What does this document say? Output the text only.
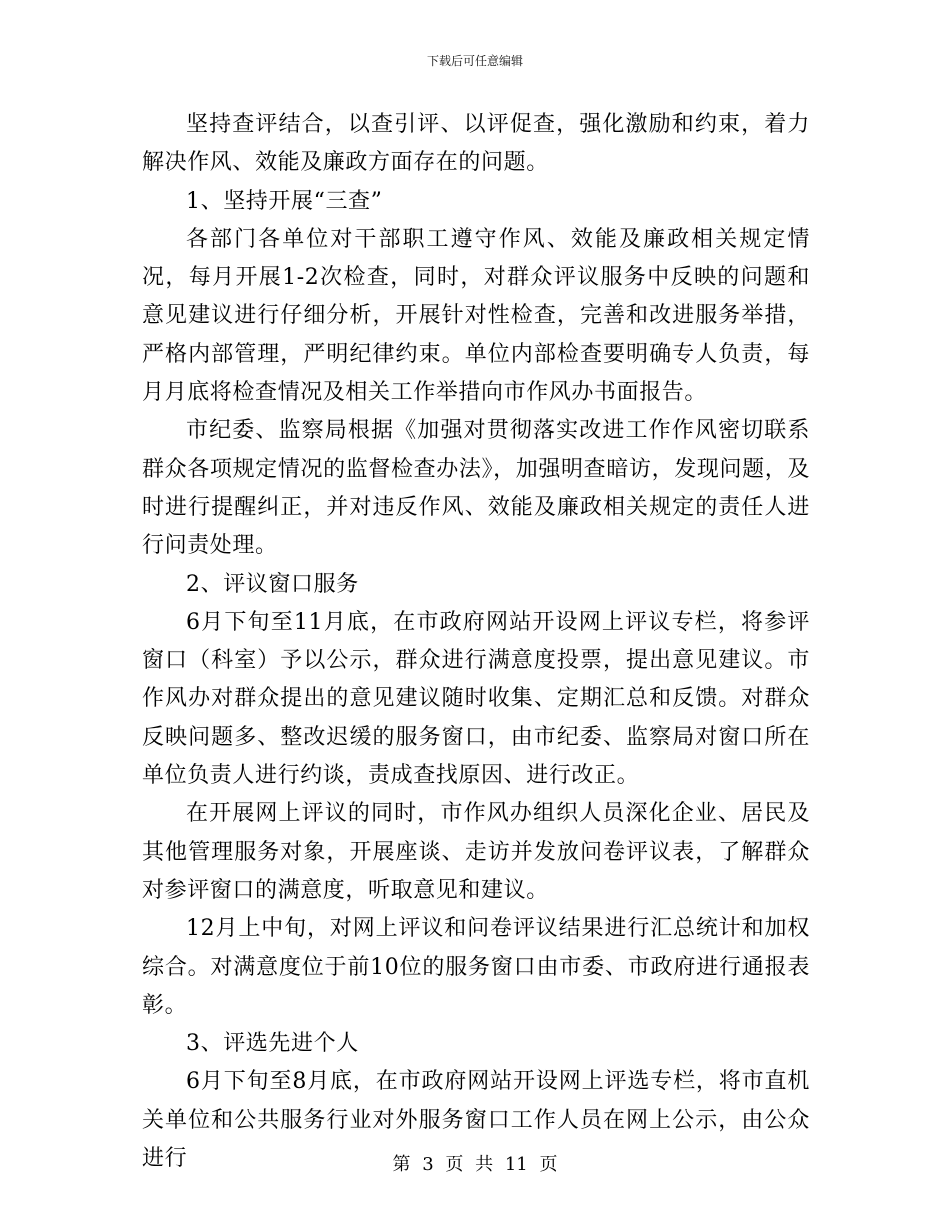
下载后可任意编辑

坚持查评结合，以查引评、以评促查，强化激励和约束，着力解决作风、效能及廉政方面存在的问题。

1、坚持开展“三查”

各部门各单位对干部职工遵守作风、效能及廉政相关规定情况，每月开展1-2次检查，同时，对群众评议服务中反映的问题和意见建议进行仔细分析，开展针对性检查，完善和改进服务举措，严格内部管理，严明纪律约束。单位内部检查要明确专人负责，每月月底将检查情况及相关工作举措向市作风办书面报告。

市纪委、监察局根据《加强对贯彻落实改进工作作风密切联系群众各项规定情况的监督检查办法》，加强明查暗访，发现问题，及时进行提醒纠正，并对违反作风、效能及廉政相关规定的责任人进行问责处理。

2、评议窗口服务

6月下旬至11月底，在市政府网站开设网上评议专栏，将参评窗口（科室）予以公示，群众进行满意度投票，提出意见建议。市作风办对群众提出的意见建议随时收集、定期汇总和反馈。对群众反映问题多、整改迟缓的服务窗口，由市纪委、监察局对窗口所在单位负责人进行约谈，责成查找原因、进行改正。

在开展网上评议的同时，市作风办组织人员深化企业、居民及其他管理服务对象，开展座谈、走访并发放问卷评议表，了解群众对参评窗口的满意度，听取意见和建议。

12月上中旬，对网上评议和问卷评议结果进行汇总统计和加权综合。对满意度位于前10位的服务窗口由市委、市政府进行通报表彰。

3、评选先进个人

6月下旬至8月底，在市政府网站开设网上评选专栏，将市直机关单位和公共服务行业对外服务窗口工作人员在网上公示，由公众进行	第 3 页 共 11 页
